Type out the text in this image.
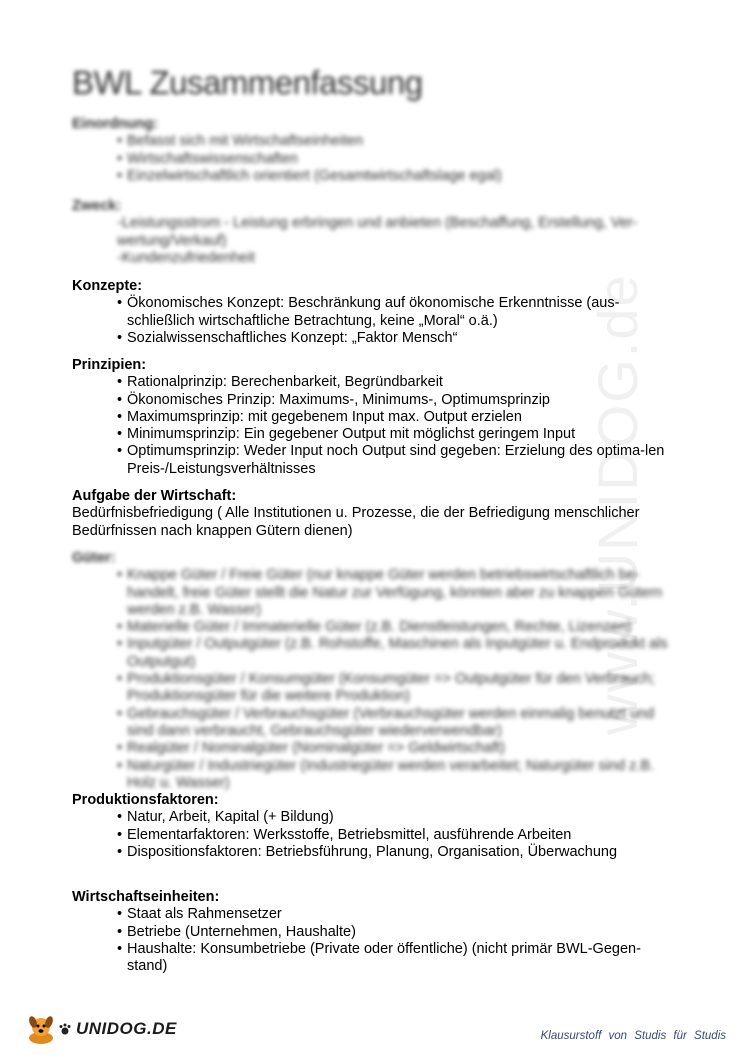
www.UNIDOG.de
BWL Zusammenfassung
Einordnung:
• Befasst sich mit Wirtschaftseinheiten
• Wirtschaftswissenschaften
• Einzelwirtschaftlich orientiert (Gesamtwirtschaftslage egal)
Zweck:
-Leistungsstrom - Leistung erbringen und anbieten (Beschaffung, Erstellung, Ver-
wertung/Verkauf)
-Kundenzufriedenheit
Konzepte:
• Ökonomisches Konzept: Beschränkung auf ökonomische Erkenntnisse (aus-schließlich wirtschaftliche Betrachtung, keine „Moral“ o.ä.)
• Sozialwissenschaftliches Konzept: „Faktor Mensch“
Prinzipien:
• Rationalprinzip: Berechenbarkeit, Begründbarkeit
• Ökonomisches Prinzip: Maximums-, Minimums-, Optimumsprinzip
• Maximumsprinzip: mit gegebenem Input max. Output erzielen
• Minimumsprinzip: Ein gegebener Output mit möglichst geringem Input
• Optimumsprinzip: Weder Input noch Output sind gegeben: Erzielung des optima-len Preis-/Leistungsverhältnisses
Aufgabe der Wirtschaft:

Bedürfnisbefriedigung ( Alle Institutionen u. Prozesse, die der Befriedigung menschlicher Bedürfnissen nach knappen Gütern dienen)

Güter:
• Knappe Güter / Freie Güter (nur knappe Güter werden betriebswirtschaftlich be-handelt, freie Güter stellt die Natur zur Verfügung, könnten aber zu knappen Gütern werden z.B. Wasser)
• Materielle Güter / Immaterielle Güter (z.B. Dienstleistungen, Rechte, Lizenzen)
• Inputgüter / Outputgüter (z.B. Rohstoffe, Maschinen als Inputgüter u. Endprodukt als Outputgut)
• Produktionsgüter / Konsumgüter (Konsumgüter => Outputgüter für den Verbrauch; Produktionsgüter für die weitere Produktion)
• Gebrauchsgüter / Verbrauchsgüter (Verbrauchsgüter werden einmalig benutzt und sind dann verbraucht, Gebrauchsgüter wiederverwendbar)
• Realgüter / Nominalgüter (Nominalgüter => Geldwirtschaft)
• Naturgüter / Industriegüter (Industriegüter werden verarbeitet; Naturgüter sind z.B. Holz u. Wasser)
Produktionsfaktoren:
• Natur, Arbeit, Kapital (+ Bildung)
• Elementarfaktoren: Werksstoffe, Betriebsmittel, ausführende Arbeiten
• Dispositionsfaktoren: Betriebsführung, Planung, Organisation, Überwachung
Wirtschaftseinheiten:
• Staat als Rahmensetzer
• Betriebe (Unternehmen, Haushalte)
• Haushalte: Konsumbetriebe (Private oder öffentliche) (nicht primär BWL-Gegen-stand)
UNIDOG.DE	Klausurstoff von Studis für Studis
